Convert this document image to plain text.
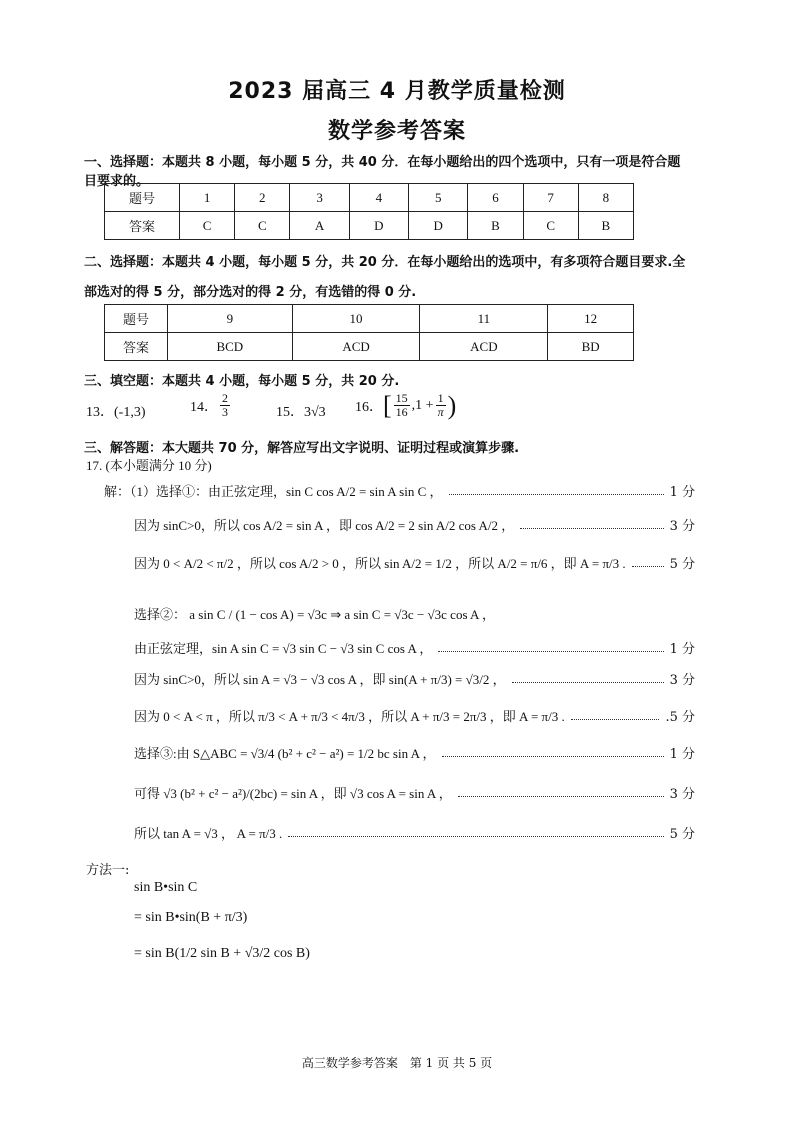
2023 届高三 4 月教学质量检测
数学参考答案
一、选择题：本题共 8 小题，每小题 5 分，共 40 分．在每小题给出的四个选项中，只有一项是符合题
目要求的。
题号	1	2	3	4	5	6	7	8
答案	C	C	A	D	D	B	C	B
二、选择题：本题共 4 小题，每小题 5 分，共 20 分．在每小题给出的选项中，有多项符合题目要求.全
部选对的得 5 分，部分选对的得 2 分，有选错的得 0 分.
题号	9	10	11	12
答案	BCD	ACD	ACD	BD
三、填空题：本题共 4 小题，每小题 5 分，共 20 分.
13．(-1,3)	14． $\frac{2}{3}$	15．3√3 16． [ $\frac{15}{16} ,1 + \frac{1}{\pi}$ )
三、解答题：本大题共 70 分，解答应写出文字说明、证明过程或演算步骤.
17. (本小题满分 10 分)
解：（1）选择①：由正弦定理，sin C cos A/2 = sin A sin C ，	1 分
因为 sinC>0，所以 cos A/2 = sin A ，即 cos A/2 = 2 sin A/2 cos A/2 ，	3 分
因为 0 < A/2 < π/2 ，所以 cos A/2 > 0 ，所以 sin A/2 = 1/2 ，所以 A/2 = π/6 ，即 A = π/3 .	5 分
选择②： a sin C / (1 − cos A) = √3c ⇒ a sin C = √3c − √3c cos A ，
由正弦定理，sin A sin C = √3 sin C − √3 sin C cos A ，	1 分
因为 sinC>0，所以 sin A = √3 − √3 cos A ，即 sin(A + π/3) = √3/2 ，	3 分
因为 0 < A < π ，所以 π/3 < A + π/3 < 4π/3 ，所以 A + π/3 = 2π/3 ，即 A = π/3 .	.5 分
选择③:由 S△ABC = √3/4 (b² + c² − a²) = 1/2 bc sin A ，	1 分
可得 √3 (b² + c² − a²)/(2bc) = sin A ，即 √3 cos A = sin A ，	3 分
所以 tan A = √3 ， A = π/3 .	5 分
方法一:
sin B•sin C
= sin B•sin(B + π/3)
= sin B(1/2 sin B + √3/2 cos B)
高三数学参考答案　第 1 页 共 5 页
